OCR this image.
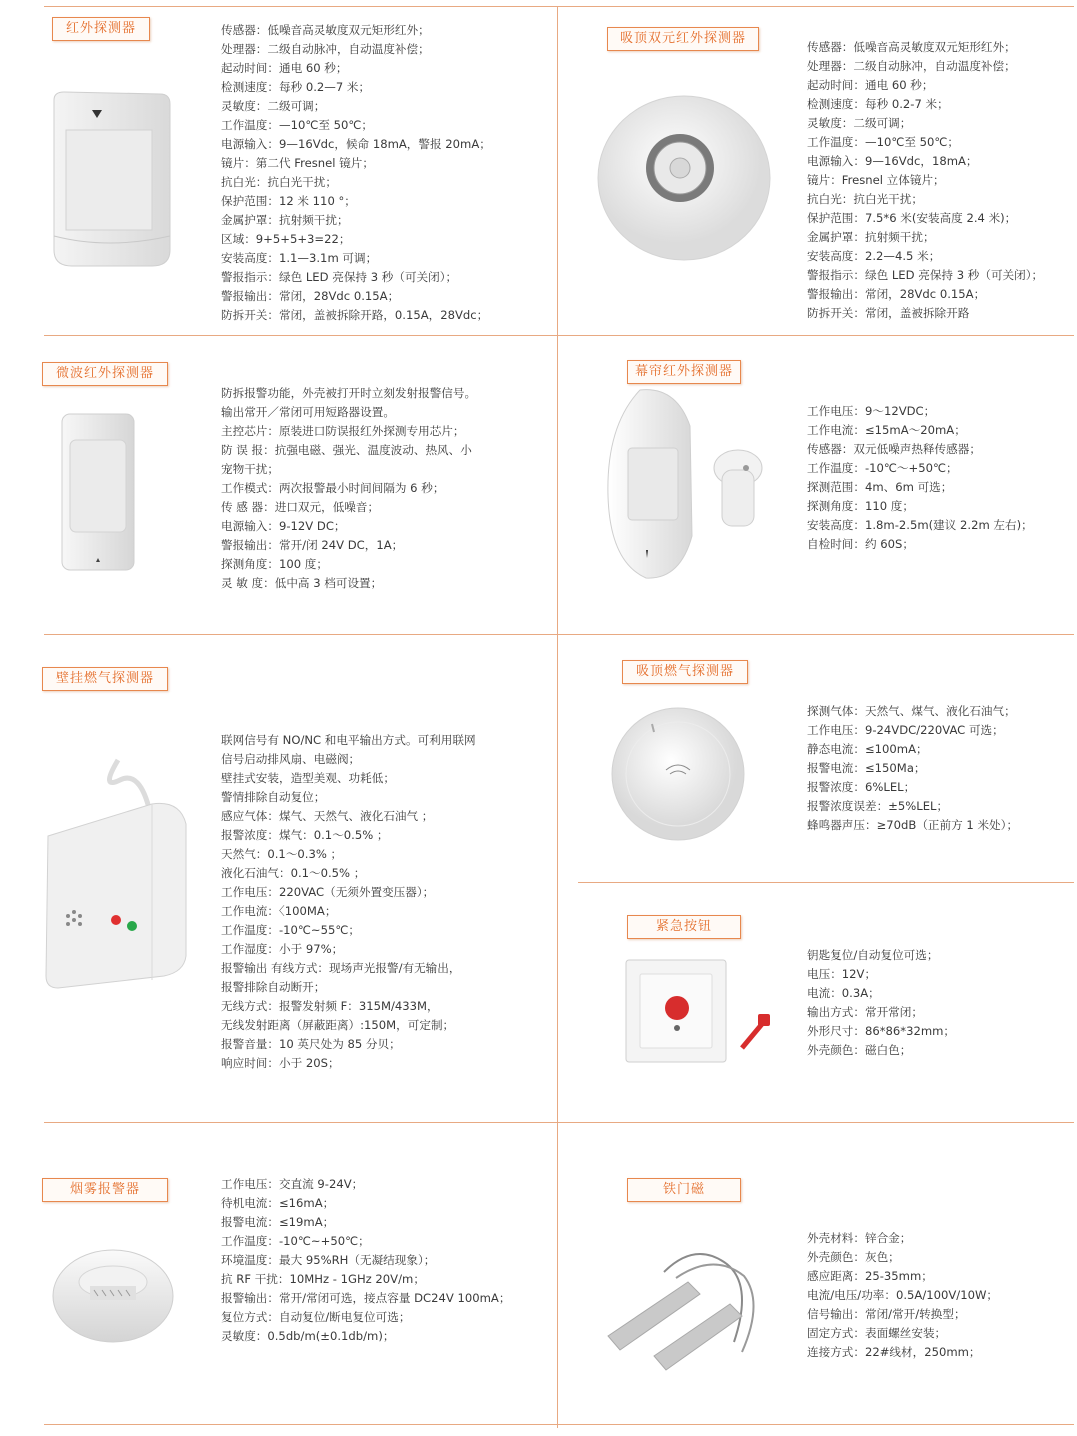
红外探测器	传感器：低噪音高灵敏度双元矩形红外；
处理器：二级自动脉冲，自动温度补偿；
起动时间：通电 60 秒；
检测速度：每秒 0.2—7 米；
灵敏度：二级可调；
工作温度：—10℃至 50℃；
电源输入：9—16Vdc，候命 18mA，警报 20mA；
镜片：第二代 Fresnel 镜片；
抗白光：抗白光干扰；
保护范围：12 米 110 °；
金属护罩：抗射频干扰；
区域：9+5+5+3=22；
安装高度：1.1—3.1m 可调；
警报指示：绿色 LED 亮保持 3 秒（可关闭）；
警报输出：常闭，28Vdc 0.15A；
防拆开关：常闭，盖被拆除开路，0.15A，28Vdc；
吸顶双元红外探测器
传感器：低噪音高灵敏度双元矩形红外；
处理器：二级自动脉冲，自动温度补偿；
起动时间：通电 60 秒；
检测速度：每秒 0.2-7 米；
灵敏度：二级可调；
工作温度：—10℃至 50℃；
电源输入：9—16Vdc，18mA；
镜片：Fresnel 立体镜片；
抗白光：抗白光干扰；
保护范围：7.5*6 米(安装高度 2.4 米)；
金属护罩：抗射频干扰；
安装高度：2.2—4.5 米；
警报指示：绿色 LED 亮保持 3 秒（可关闭）；
警报输出：常闭，28Vdc 0.15A；
防拆开关：常闭，盖被拆除开路
微波红外探测器
防拆报警功能，外壳被打开时立刻发射报警信号。
输出常开／常闭可用短路器设置。
主控芯片：原装进口防误报红外探测专用芯片；
防 误 报：抗强电磁、强光、温度波动、热风、小
宠物干扰；
工作模式：两次报警最小时间间隔为 6 秒；
传 感 器：进口双元，低噪音；
电源输入：9-12V DC；
警报输出：常开/闭 24V DC，1A；
探测角度：100 度；
灵 敏 度：低中高 3 档可设置；
幕帘红外探测器
工作电压：9～12VDC；
工作电流：≤15mA～20mA；
传感器：双元低噪声热释传感器；
工作温度：-10℃～+50℃；
探测范围：4m、6m 可选；
探测角度：110 度；
安装高度：1.8m-2.5m(建议 2.2m 左右)；
自检时间：约 60S；
壁挂燃气探测器
联网信号有 NO/NC 和电平输出方式。可利用联网
信号启动排风扇、电磁阀；
壁挂式安装，造型美观、功耗低；
警情排除自动复位；
感应气体：煤气、天然气、液化石油气 ；
报警浓度：煤气：0.1～0.5% ；
天然气：0.1～0.3% ；
液化石油气：0.1～0.5% ；
工作电压：220VAC（无须外置变压器）；
工作电流：〈100MA；
工作温度：-10℃~55℃；
工作湿度：小于 97%；
报警输出 有线方式：现场声光报警/有无输出，
报警排除自动断开；
无线方式：报警发射频 F：315M/433M，
无线发射距离（屏蔽距离）:150M，可定制；
报警音量：10 英尺处为 85 分贝；
响应时间：小于 20S；
吸顶燃气探测器
探测气体：天然气、煤气、液化石油气；
工作电压：9-24VDC/220VAC 可选；
静态电流：≤100mA；
报警电流：≤150Ma；
报警浓度：6%LEL；
报警浓度误差：±5%LEL；
蜂鸣器声压：≥70dB（正前方 1 米处）；
紧急按钮
钥匙复位/自动复位可选；
电压：12V；
电流：0.3A；
输出方式：常开常闭；
外形尺寸：86*86*32mm；
外壳颜色：磁白色；
烟雾报警器	工作电压：交直流 9-24V；
待机电流：≤16mA；
报警电流：≤19mA；
工作温度：-10℃~+50℃；
环境温度：最大 95%RH（无凝结现象）；
抗 RF 干扰：10MHz - 1GHz 20V/m；
报警输出：常开/常闭可选，接点容量 DC24V 100mA；
复位方式：自动复位/断电复位可选；
灵敏度：0.5db/m(±0.1db/m)；
铁门磁
外壳材料：锌合金；
外壳颜色：灰色；
感应距离：25-35mm；
电流/电压/功率：0.5A/100V/10W；
信号输出：常闭/常开/转换型；
固定方式：表面螺丝安装；
连接方式：22#线材，250mm；
